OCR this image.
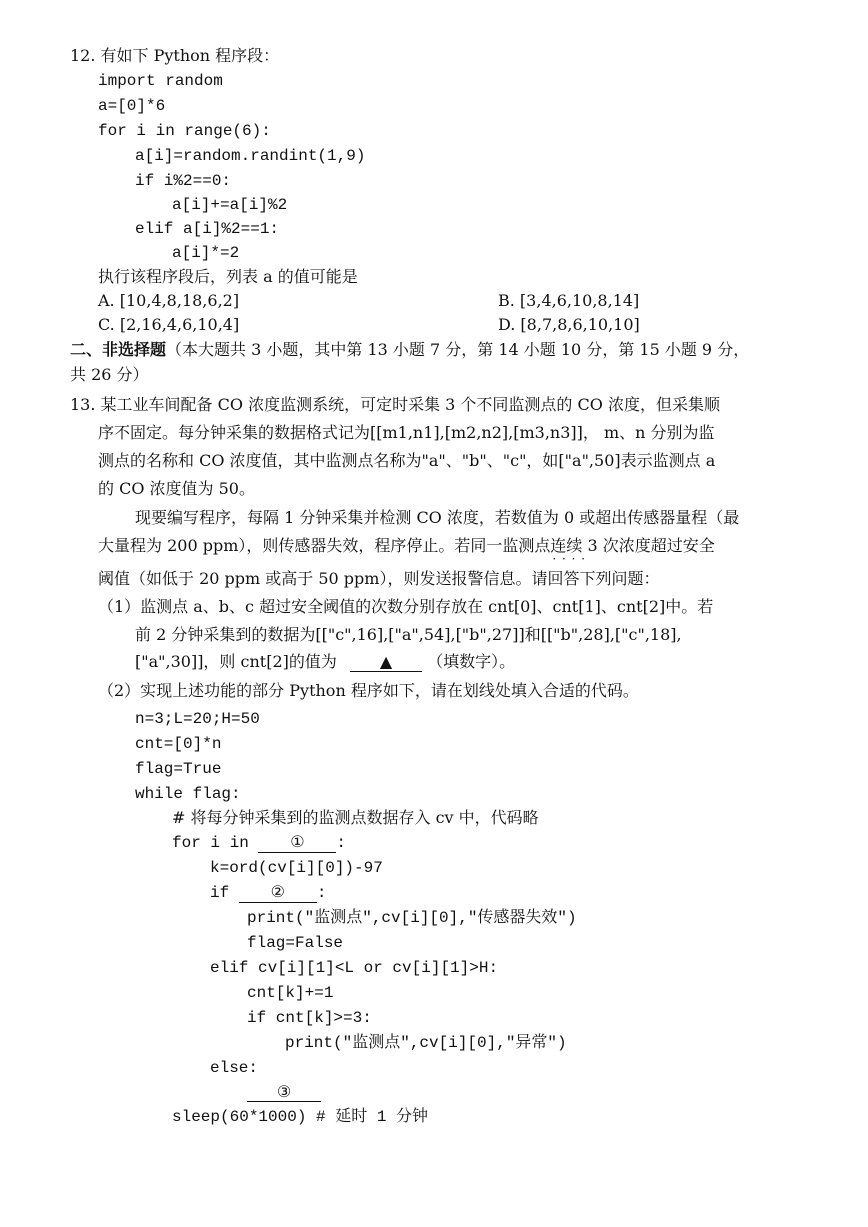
12. 有如下 Python 程序段：
import random
a=[0]*6
for i in range(6):
a[i]=random.randint(1,9)
if i%2==0:
a[i]+=a[i]%2
elif a[i]%2==1:
a[i]*=2
执行该程序段后，列表 a 的值可能是
A. [10,4,8,18,6,2]	B. [3,4,6,10,8,14]
C. [2,16,4,6,10,4]	D. [8,7,8,6,10,10]
二、非选择题（本大题共 3 小题，其中第 13 小题 7 分，第 14 小题 10 分，第 15 小题 9 分，
共 26 分）
13. 某工业车间配备 CO 浓度监测系统，可定时采集 3 个不同监测点的 CO 浓度，但采集顺
序不固定。每分钟采集的数据格式记为[[m1,n1],[m2,n2],[m3,n3]]， m、n 分别为监
测点的名称和 CO 浓度值，其中监测点名称为"a"、"b"、"c"，如["a",50]表示监测点 a
的 CO 浓度值为 50。
现要编写程序，每隔 1 分钟采集并检测 CO 浓度，若数值为 0 或超出传感器量程（最
大量程为 200 ppm），则传感器失效，程序停止。若同一监测点连续 3 次 · · · ·浓度超过安全
阈值（如低于 20 ppm 或高于 50 ppm），则发送报警信息。请回答下列问题：
（1）监测点 a、b、c 超过安全阈值的次数分别存放在 cnt[0]、cnt[1]、cnt[2]中。若
前 2 分钟采集到的数据为[["c",16],["a",54],["b",27]]和[["b",28],["c",18],
["a",30]]，则 cnt[2]的值为	▲ （填数字）。
（2）实现上述功能的部分 Python 程序如下，请在划线处填入合适的代码。
n=3;L=20;H=50
cnt=[0]*n
flag=True
while flag:
# 将每分钟采集到的监测点数据存入 cv 中，代码略
for i in ① :
k=ord(cv[i][0])-97
if ② :
print("监测点",cv[i][0],"传感器失效")
flag=False
elif cv[i][1]<L or cv[i][1]>H:
cnt[k]+=1
if cnt[k]>=3:
print("监测点",cv[i][0],"异常")
else:
③
sleep(60*1000) # 延时 1 分钟
